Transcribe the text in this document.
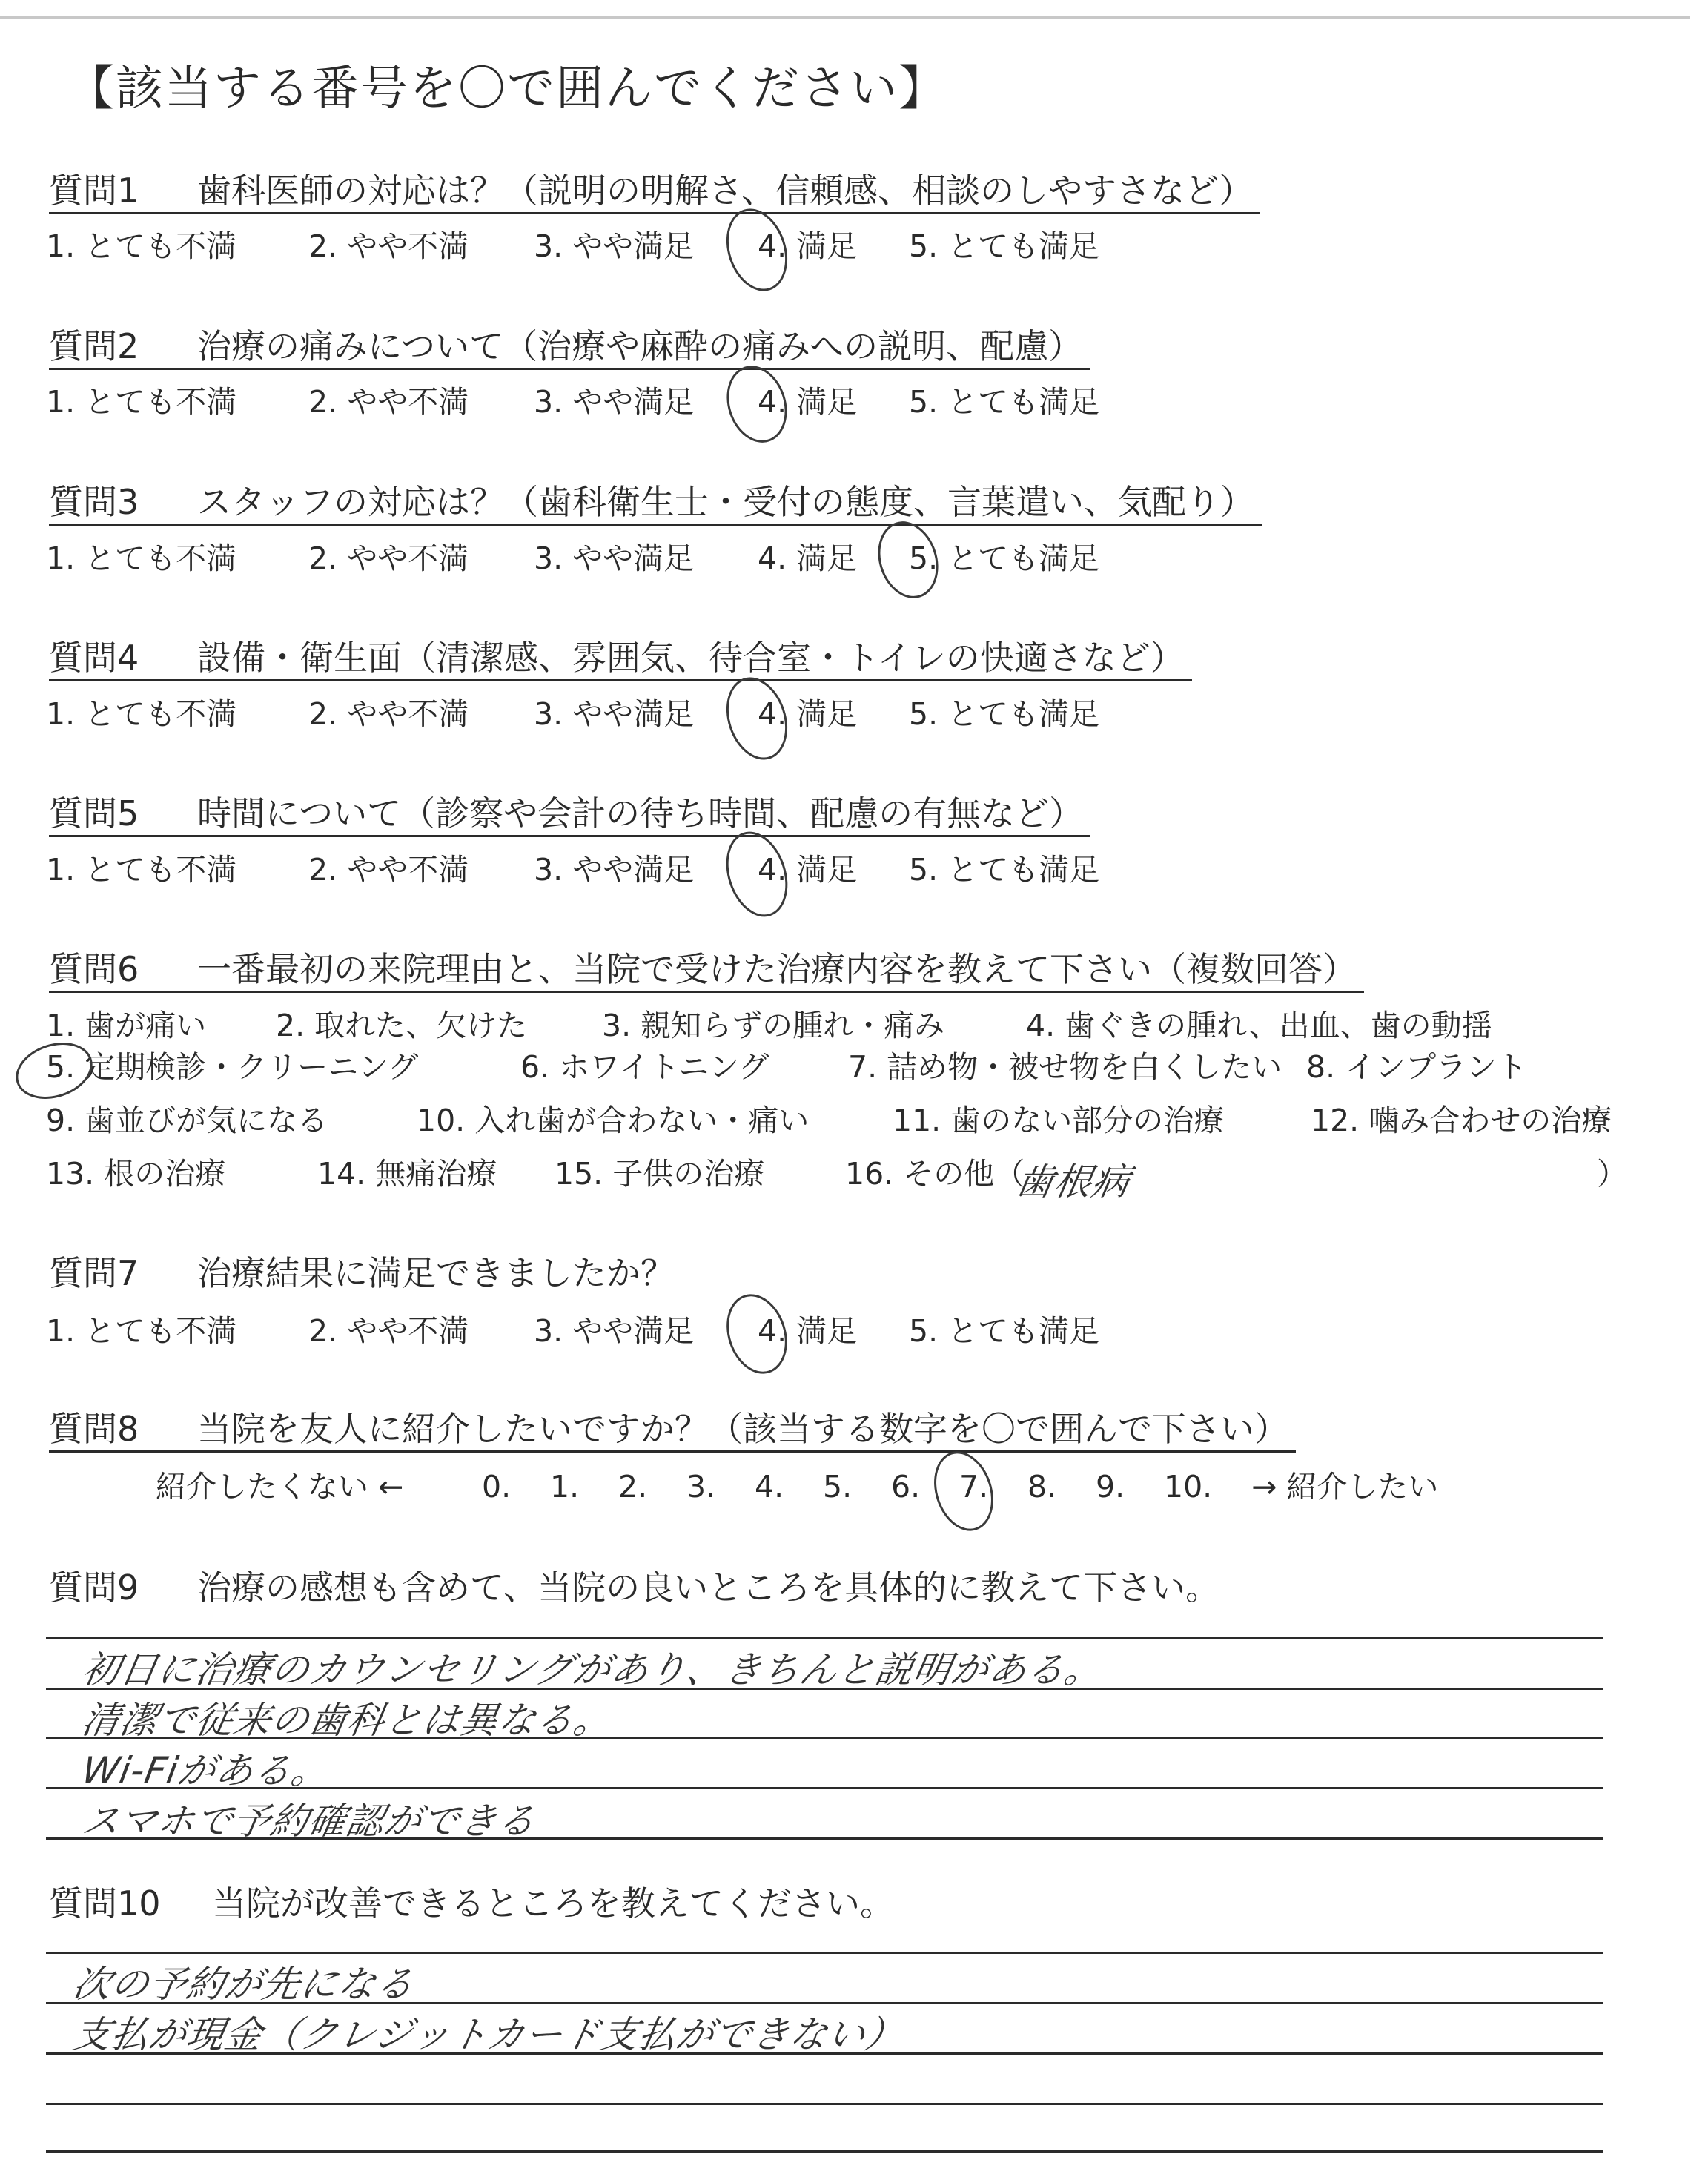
【該当する番号を〇で囲んでください】
質問1 歯科医師の対応は？（説明の明解さ、信頼感、相談のしやすさなど）
1. とても不満 2. やや不満 3. やや満足 4. 満足 5. とても満足
質問2 治療の痛みについて（治療や麻酔の痛みへの説明、配慮）
1. とても不満 2. やや不満 3. やや満足 4. 満足 5. とても満足
質問3 スタッフの対応は？（歯科衛生士・受付の態度、言葉遣い、気配り）
1. とても不満 2. やや不満 3. やや満足 4. 満足 5. とても満足
質問4 設備・衛生面（清潔感、雰囲気、待合室・トイレの快適さなど）
1. とても不満 2. やや不満 3. やや満足 4. 満足 5. とても満足
質問5 時間について（診察や会計の待ち時間、配慮の有無など）
1. とても不満 2. やや不満 3. やや満足 4. 満足 5. とても満足
質問6 一番最初の来院理由と、当院で受けた治療内容を教えて下さい（複数回答）
1. 歯が痛い 2. 取れた、欠けた 3. 親知らずの腫れ・痛み	4. 歯ぐきの腫れ、出血、歯の動揺
5. 定期検診・クリーニング	6. ホワイトニング	7. 詰め物・被せ物を白くしたい 8. インプラント
9. 歯並びが気になる	10. 入れ歯が合わない・痛い	11. 歯のない部分の治療	12. 噛み合わせの治療
13. 根の治療	14. 無痛治療 15. 子供の治療	16. その他（	）
歯根病
質問7 治療結果に満足できましたか？
1. とても不満 2. やや不満 3. やや満足 4. 満足 5. とても満足
質問8 当院を友人に紹介したいですか？（該当する数字を〇で囲んで下さい）
紹介したくない ←	0. 1. 2. 3. 4. 5. 6. 7. 8. 9. 10. → 紹介したい
質問9 治療の感想も含めて、当院の良いところを具体的に教えて下さい。
初日に治療のカウンセリングがあり、きちんと説明がある。
清潔で従来の歯科とは異なる。
Wi-Fiがある。
スマホで予約確認ができる
質問10 当院が改善できるところを教えてください。
次の予約が先になる
支払が現金（クレジットカード支払ができない）
